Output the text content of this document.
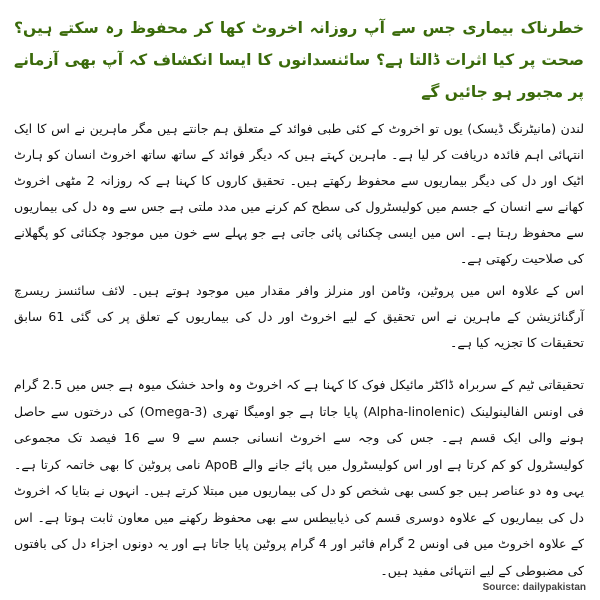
خطرناک بیماری جس سے آپ روزانہ اخروٹ کھا کر محفوظ رہ سکتے ہیں؟ صحت پر کیا اثرات ڈالتا ہے؟ سائنسدانوں کا ایسا انکشاف کہ آپ بھی آزمانے پر مجبور ہو جائیں گے

لندن (مانیٹرنگ ڈیسک) یوں تو اخروٹ کے کئی طبی فوائد کے متعلق ہم جانتے ہیں مگر ماہرین نے اس کا ایک انتہائی اہم فائدہ دریافت کر لیا ہے۔ ماہرین کہتے ہیں کہ دیگر فوائد کے ساتھ ساتھ اخروٹ انسان کو ہارٹ اٹیک اور دل کی دیگر بیماریوں سے محفوظ رکھتے ہیں۔ تحقیق کاروں کا کہنا ہے کہ روزانہ 2 مٹھی اخروٹ کھانے سے انسان کے جسم میں کولیسٹرول کی سطح کم کرنے میں مدد ملتی ہے جس سے وہ دل کی بیماریوں سے محفوظ رہتا ہے۔ اس میں ایسی چکنائی پائی جاتی ہے جو پہلے سے خون میں موجود چکنائی کو پگھلانے کی صلاحیت رکھتی ہے۔

اس کے علاوہ اس میں پروٹین، وٹامن اور منرلز وافر مقدار میں موجود ہوتے ہیں۔ لائف سائنسز ریسرچ آرگنائزیشن کے ماہرین نے اس تحقیق کے لیے اخروٹ اور دل کی بیماریوں کے تعلق پر کی گئی 61 سابق تحقیقات کا تجزیہ کیا ہے۔

تحقیقاتی ٹیم کے سربراہ ڈاکٹر مائیکل فوک کا کہنا ہے کہ اخروٹ وہ واحد خشک میوہ ہے جس میں 2.5 گرام فی اونس الفالینولینک (Alpha-linolenic) پایا جاتا ہے جو اومیگا تھری (Omega-3) کی درختوں سے حاصل ہونے والی ایک قسم ہے۔ جس کی وجہ سے اخروٹ انسانی جسم سے 9 سے 16 فیصد تک مجموعی کولیسٹرول کو کم کرتا ہے اور اس کولیسٹرول میں پائے جانے والے ApoB نامی پروٹین کا بھی خاتمہ کرتا ہے۔ یہی وہ دو عناصر ہیں جو کسی بھی شخص کو دل کی بیماریوں میں مبتلا کرتے ہیں۔ انہوں نے بتایا کہ اخروٹ دل کی بیماریوں کے علاوہ دوسری قسم کی ذیابیطس سے بھی محفوظ رکھنے میں معاون ثابت ہوتا ہے۔ اس کے علاوہ اخروٹ میں فی اونس 2 گرام فائبر اور 4 گرام پروٹین پایا جاتا ہے اور یہ دونوں اجزاء دل کی بافتوں کی مضبوطی کے لیے انتہائی مفید ہیں۔

Source: dailypakistan
